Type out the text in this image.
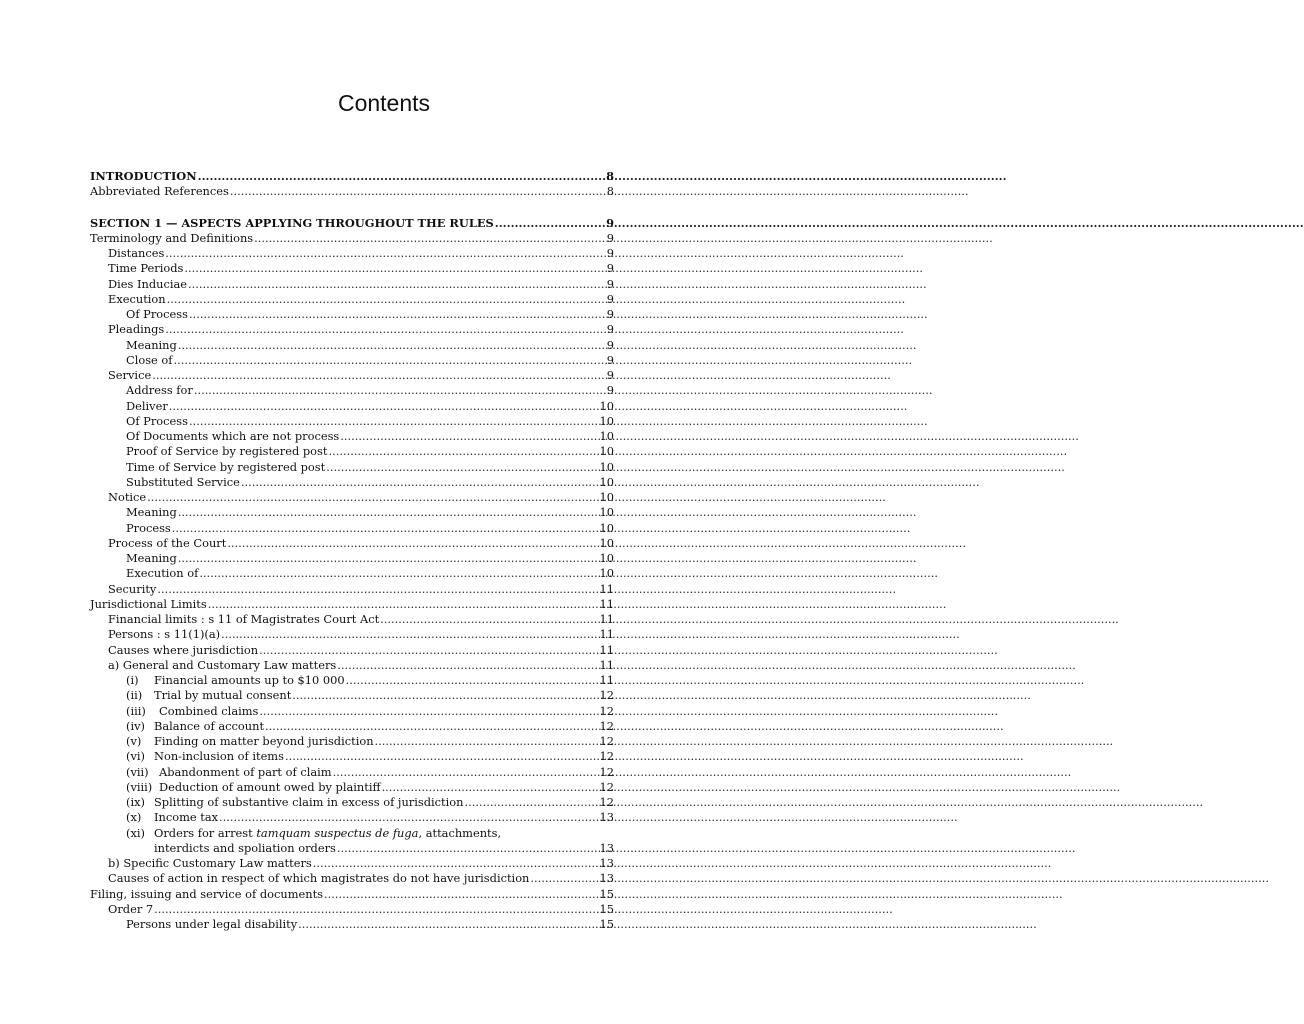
Contents
INTRODUCTION .....	8
Abbreviated References .....	8
SECTION 1 — ASPECTS APPLYING THROUGHOUT THE RULES .....	9
Terminology and Definitions .....	9
Distances .....	9
Time Periods .....	9
Dies Induciae .....	9
Execution .....	9
Of Process .....	9
Pleadings .....	9
Meaning .....	9
Close of .....	9
Service .....	9
Address for .....	9
Deliver .....	10
Of Process .....	10
Of Documents which are not process .....	10
Proof of Service by registered post .....	10
Time of Service by registered post .....	10
Substituted Service .....	10
Notice .....	10
Meaning .....	10
Process .....	10
Process of the Court .....	10
Meaning .....	10
Execution of .....	10
Security .....	11
Jurisdictional Limits .....	11
Financial limits : s 11 of Magistrates Court Act .....	11
Persons : s 11(1)(a) .....	11
Causes where jurisdiction .....	11
a) General and Customary Law matters .....	11
(i)	Financial amounts up to $10 000 .....	11
(ii)	Trial by mutual consent .....	12
(iii)	Combined claims .....	12
(iv) Balance of account .....	12
(v)	Finding on matter beyond jurisdiction .....	12
(vi) Non-inclusion of items .....	12
(vii) Abandonment of part of claim .....	12
(viii) Deduction of amount owed by plaintiff .....	12
(ix) Splitting of substantive claim in excess of jurisdiction .....	12
(x)	Income tax .....	13
(xi) Orders for arrest tamquam suspectus de fuga, attachments,
interdicts and spoliation orders .....	13
b) Specific Customary Law matters .....	13
Causes of action in respect of which magistrates do not have jurisdiction .....	13
Filing, issuing and service of documents .....	15
Order 7 .....	15
Persons under legal disability .....	15
